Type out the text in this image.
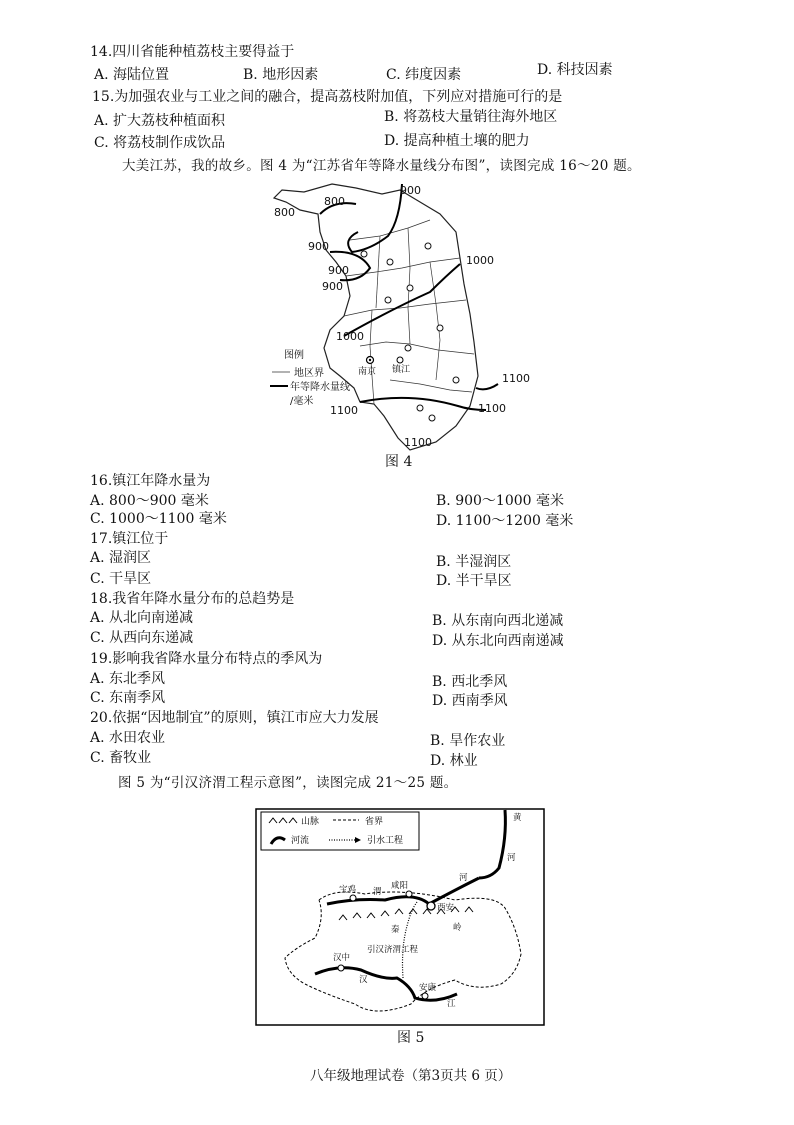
14.四川省能种植荔枝主要得益于
A. 海陆位置	B. 地形因素	C. 纬度因素	D. 科技因素
15.为加强农业与工业之间的融合，提高荔枝附加值，下列应对措施可行的是
A. 扩大荔枝种植面积	B. 将荔枝大量销往海外地区
C. 将荔枝制作成饮品	D. 提高种植土壤的肥力
大美江苏，我的故乡。图 4 为“江苏省年等降水量线分布图”，读图完成 16～20 题。
800
800
900
900
900
900
1000
1000
1100
1100
1100
1100
南京 镇江
图例
地区界
年等降水量线
/毫米
图 4
16.镇江年降水量为
A. 800～900 毫米	B. 900～1000 毫米
C. 1000～1100 毫米	D. 1100～1200 毫米
17.镇江位于
A. 湿润区	B. 半湿润区
C. 干旱区	D. 半干旱区
18.我省年降水量分布的总趋势是
A. 从北向南递减	B. 从东南向西北递减
C. 从西向东递减	D. 从东北向西南递减
19.影响我省降水量分布特点的季风为
A. 东北季风	B. 西北季风
C. 东南季风	D. 西南季风
20.依据“因地制宜”的原则，镇江市应大力发展
A. 水田农业	B. 旱作农业
C. 畜牧业	D. 林业
图 5 为“引汉济渭工程示意图”，读图完成 21～25 题。
山脉	省界
河流	引水工程
宝鸡 渭
咸阳
河
西安
秦	岭
引汉济渭工程
汉中
汉
安康
江
黄
河
图 5
八年级地理试卷（第3页共 6 页）
